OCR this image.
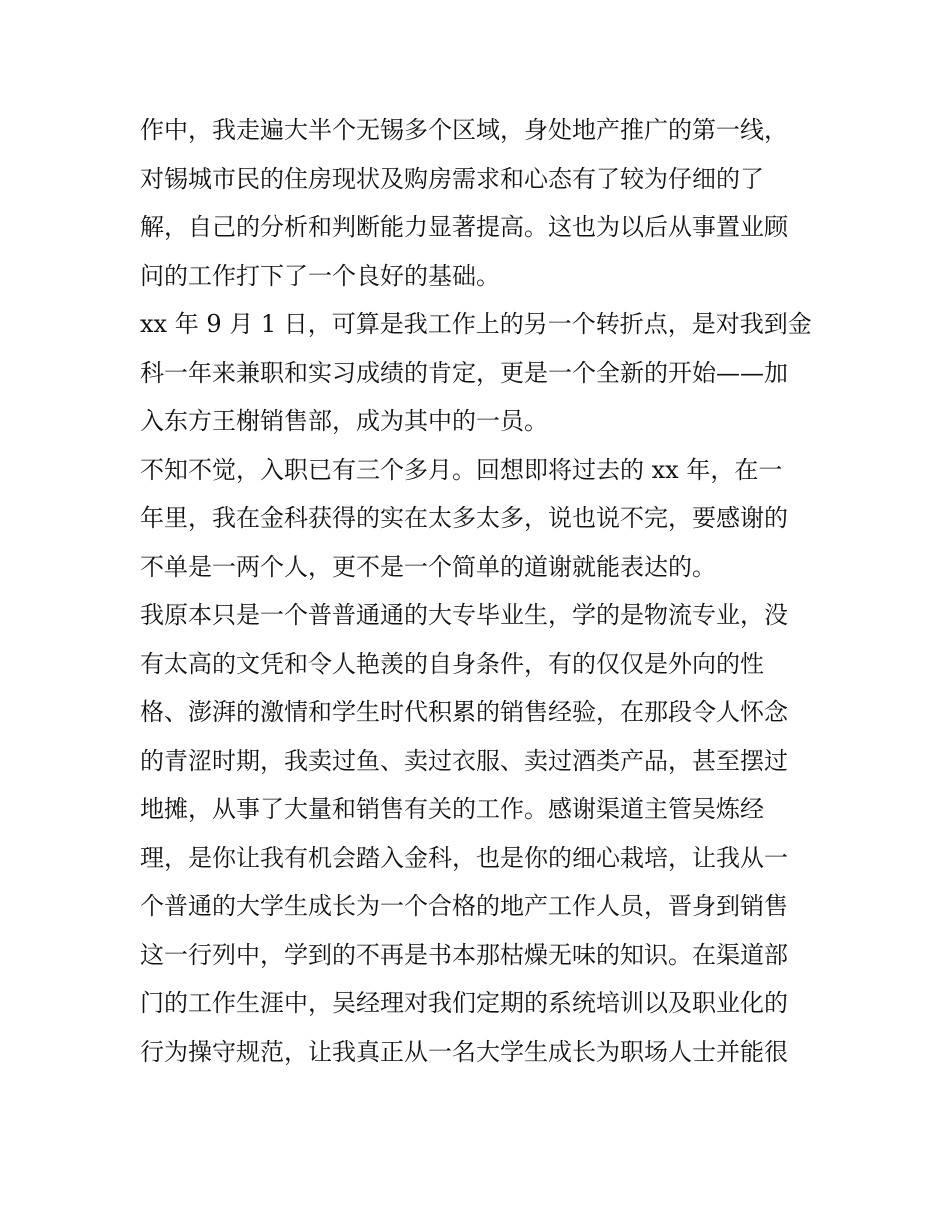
作中，我走遍大半个无锡多个区域，身处地产推广的第一线，
对锡城市民的住房现状及购房需求和心态有了较为仔细的了
解，自己的分析和判断能力显著提高。这也为以后从事置业顾
问的工作打下了一个良好的基础。
xx 年 9 月 1 日，可算是我工作上的另一个转折点，是对我到金
科一年来兼职和实习成绩的肯定，更是一个全新的开始——加
入东方王榭销售部，成为其中的一员。
不知不觉，入职已有三个多月。回想即将过去的 xx 年，在一
年里，我在金科获得的实在太多太多，说也说不完，要感谢的
不单是一两个人，更不是一个简单的道谢就能表达的。
我原本只是一个普普通通的大专毕业生，学的是物流专业，没
有太高的文凭和令人艳羡的自身条件，有的仅仅是外向的性
格、澎湃的激情和学生时代积累的销售经验，在那段令人怀念
的青涩时期，我卖过鱼、卖过衣服、卖过酒类产品，甚至摆过
地摊，从事了大量和销售有关的工作。感谢渠道主管吴炼经
理，是你让我有机会踏入金科，也是你的细心栽培，让我从一
个普通的大学生成长为一个合格的地产工作人员，晋身到销售
这一行列中，学到的不再是书本那枯燥无味的知识。在渠道部
门的工作生涯中，吴经理对我们定期的系统培训以及职业化的
行为操守规范，让我真正从一名大学生成长为职场人士并能很
